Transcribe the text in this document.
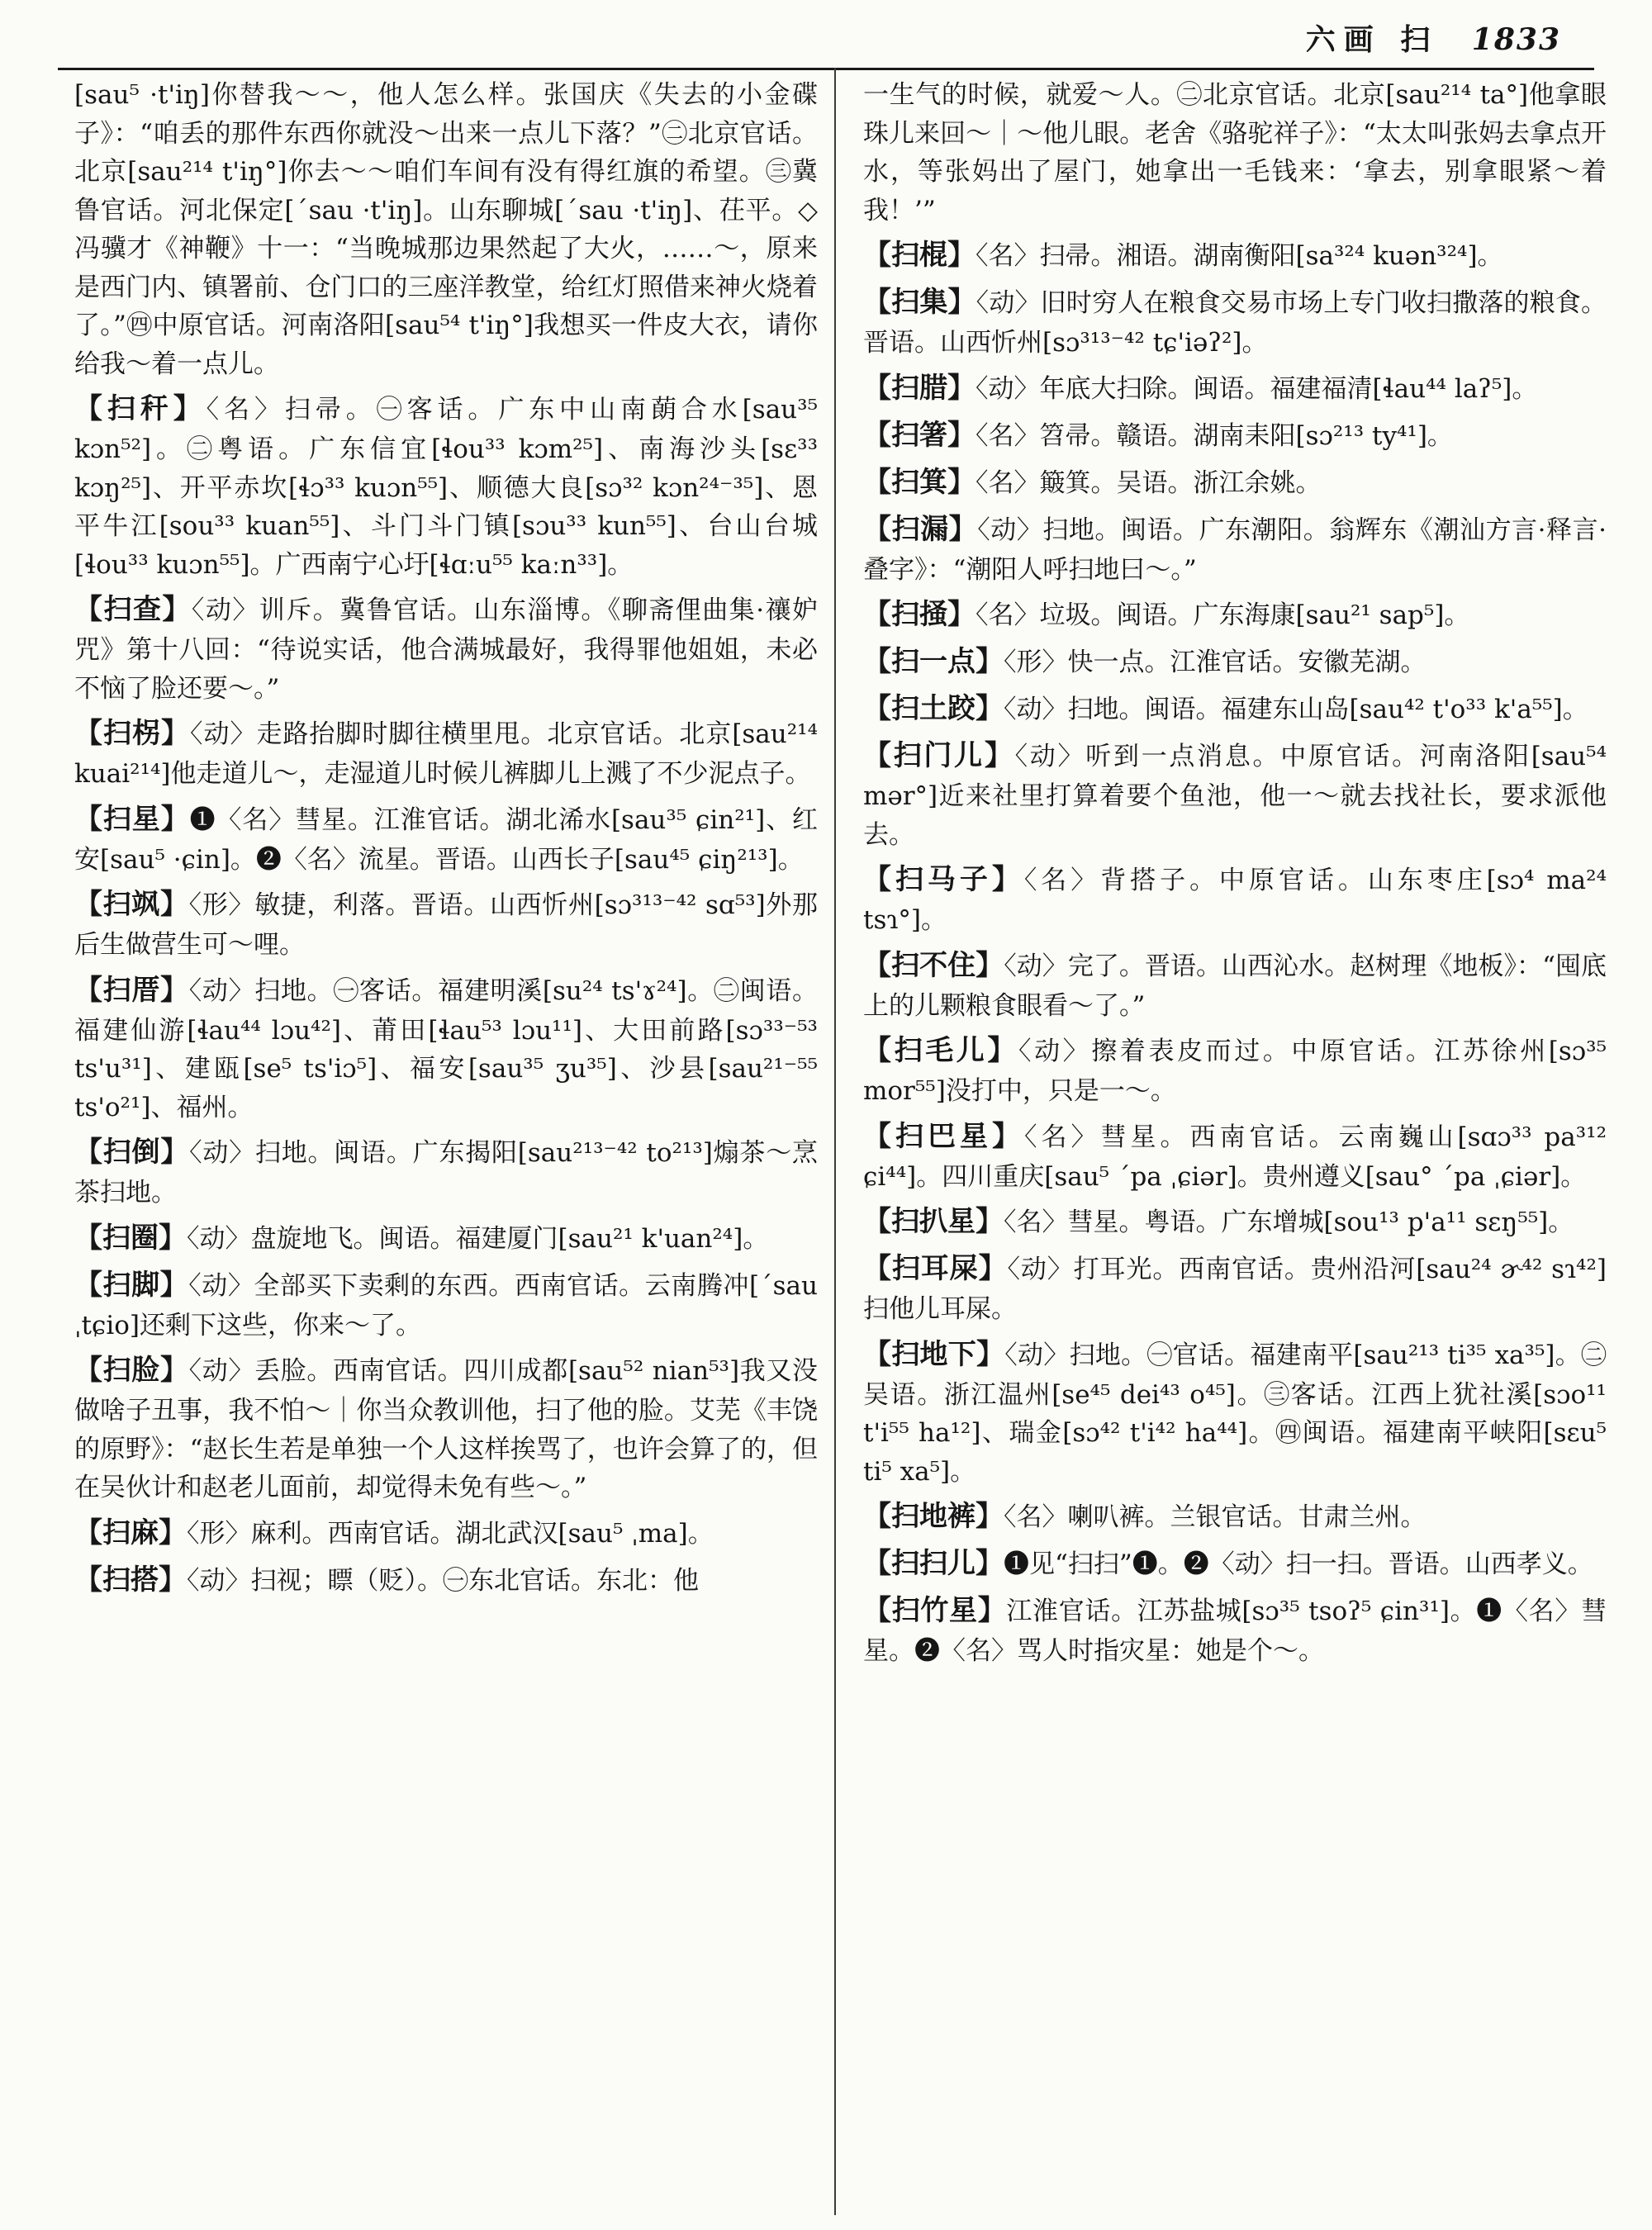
六画 扫 1833

[sau⁵ ·t'iŋ]你替我～～，他人怎么样。张国庆《失去的小金碟子》：“咱丢的那件东西你就没～出来一点儿下落？”㊁北京官话。北京[sau²¹⁴ t'iŋ°]你去～～咱们车间有没有得红旗的希望。㊂冀鲁官话。河北保定[ˊsau ·t'iŋ]。山东聊城[ˊsau ·t'iŋ]、茌平。◇冯骥才《神鞭》十一：“当晚城那边果然起了大火，……～，原来是西门内、镇署前、仓门口的三座洋教堂，给红灯照借来神火烧着了。”㊃中原官话。河南洛阳[sau⁵⁴ t'iŋ°]我想买一件皮大衣，请你给我～着一点儿。

【扫秆】〈名〉扫帚。㊀客话。广东中山南蓢合水[sau³⁵ kɔn⁵²]。㊁粤语。广东信宜[ɬou³³ kɔm²⁵]、南海沙头[sɛ³³ kɔŋ²⁵]、开平赤坎[ɬɔ³³ kuɔn⁵⁵]、顺德大良[sɔ³² kɔn²⁴⁻³⁵]、恩平牛江[sou³³ kuan⁵⁵]、斗门斗门镇[sɔu³³ kun⁵⁵]、台山台城[ɬou³³ kuɔn⁵⁵]。广西南宁心圩[ɬɑːu⁵⁵ kaːn³³]。

【扫查】〈动〉训斥。冀鲁官话。山东淄博。《聊斋俚曲集·禳妒咒》第十八回：“待说实话，他合满城最好，我得罪他姐姐，未必不恼了脸还要～。”

【扫柺】〈动〉走路抬脚时脚往横里甩。北京官话。北京[sau²¹⁴ kuai²¹⁴]他走道儿～，走湿道儿时候儿裤脚儿上溅了不少泥点子。

【扫星】❶〈名〉彗星。江淮官话。湖北浠水[sau³⁵ ɕin²¹]、红安[sau⁵ ·ɕin]。❷〈名〉流星。晋语。山西长子[sau⁴⁵ ɕiŋ²¹³]。

【扫飒】〈形〉敏捷，利落。晋语。山西忻州[sɔ³¹³⁻⁴² sɑ⁵³]外那后生做营生可～哩。

【扫厝】〈动〉扫地。㊀客话。福建明溪[su²⁴ ts'ɤ²⁴]。㊁闽语。福建仙游[ɬau⁴⁴ lɔu⁴²]、莆田[ɬau⁵³ lɔu¹¹]、大田前路[sɔ³³⁻⁵³ ts'u³¹]、建瓯[se⁵ ts'iɔ⁵]、福安[sau³⁵ ʒu³⁵]、沙县[sau²¹⁻⁵⁵ ts'o²¹]、福州。

【扫倒】〈动〉扫地。闽语。广东揭阳[sau²¹³⁻⁴² to²¹³]煽茶～烹茶扫地。

【扫圈】〈动〉盘旋地飞。闽语。福建厦门[sau²¹ k'uan²⁴]。

【扫脚】〈动〉全部买下卖剩的东西。西南官话。云南腾冲[ˊsau ˌtɕio]还剩下这些，你来～了。

【扫脸】〈动〉丢脸。西南官话。四川成都[sau⁵² nian⁵³]我又没做啥子丑事，我不怕～｜你当众教训他，扫了他的脸。艾芜《丰饶的原野》：“赵长生若是单独一个人这样挨骂了，也许会算了的，但在吴伙计和赵老儿面前，却觉得未免有些～。”

【扫麻】〈形〉麻利。西南官话。湖北武汉[sau⁵ ˌma]。

【扫搭】〈动〉扫视；瞟（贬）。㊀东北官话。东北：他

一生气的时候，就爱～人。㊁北京官话。北京[sau²¹⁴ ta°]他拿眼珠儿来回～｜～他儿眼。老舍《骆驼祥子》：“太太叫张妈去拿点开水，等张妈出了屋门，她拿出一毛钱来：‘拿去，别拿眼紧～着我！’”

【扫棍】〈名〉扫帚。湘语。湖南衡阳[sa³²⁴ kuən³²⁴]。

【扫集】〈动〉旧时穷人在粮食交易市场上专门收扫撒落的粮食。晋语。山西忻州[sɔ³¹³⁻⁴² tɕ'iəʔ²]。

【扫腊】〈动〉年底大扫除。闽语。福建福清[ɬau⁴⁴ laʔ⁵]。

【扫箸】〈名〉笤帚。赣语。湖南耒阳[sɔ²¹³ ty⁴¹]。

【扫箕】〈名〉簸箕。吴语。浙江余姚。

【扫漏】〈动〉扫地。闽语。广东潮阳。翁辉东《潮汕方言·释言·叠字》：“潮阳人呼扫地曰～。”

【扫掻】〈名〉垃圾。闽语。广东海康[sau²¹ sap⁵]。

【扫一点】〈形〉快一点。江淮官话。安徽芜湖。

【扫土跤】〈动〉扫地。闽语。福建东山岛[sau⁴² t'o³³ k'a⁵⁵]。

【扫门儿】〈动〉听到一点消息。中原官话。河南洛阳[sau⁵⁴ mər°]近来社里打算着要个鱼池，他一～就去找社长，要求派他去。

【扫马子】〈名〉背搭子。中原官话。山东枣庄[sɔ⁴ ma²⁴ tsɿ°]。

【扫不住】〈动〉完了。晋语。山西沁水。赵树理《地板》：“囤底上的儿颗粮食眼看～了。”

【扫毛儿】〈动〉擦着表皮而过。中原官话。江苏徐州[sɔ³⁵ mor⁵⁵]没打中，只是一～。

【扫巴星】〈名〉彗星。西南官话。云南巍山[sɑɔ³³ pa³¹² ɕi⁴⁴]。四川重庆[sau⁵ ˊpa ˌɕiər]。贵州遵义[sau° ˊpa ˌɕiər]。

【扫扒星】〈名〉彗星。粤语。广东增城[sou¹³ p'a¹¹ sɛŋ⁵⁵]。

【扫耳屎】〈动〉打耳光。西南官话。贵州沿河[sau²⁴ ɚ⁴² sɿ⁴²]扫他儿耳屎。

【扫地下】〈动〉扫地。㊀官话。福建南平[sau²¹³ ti³⁵ xa³⁵]。㊁吴语。浙江温州[se⁴⁵ dei⁴³ o⁴⁵]。㊂客话。江西上犹社溪[sɔo¹¹ t'i⁵⁵ ha¹²]、瑞金[sɔ⁴² t'i⁴² ha⁴⁴]。㊃闽语。福建南平峡阳[sɛu⁵ ti⁵ xa⁵]。

【扫地裤】〈名〉喇叭裤。兰银官话。甘肃兰州。

【扫扫儿】❶见“扫扫”❶。❷〈动〉扫一扫。晋语。山西孝义。

【扫竹星】江淮官话。江苏盐城[sɔ³⁵ tsoʔ⁵ ɕin³¹]。❶〈名〉彗星。❷〈名〉骂人时指灾星：她是个～。
